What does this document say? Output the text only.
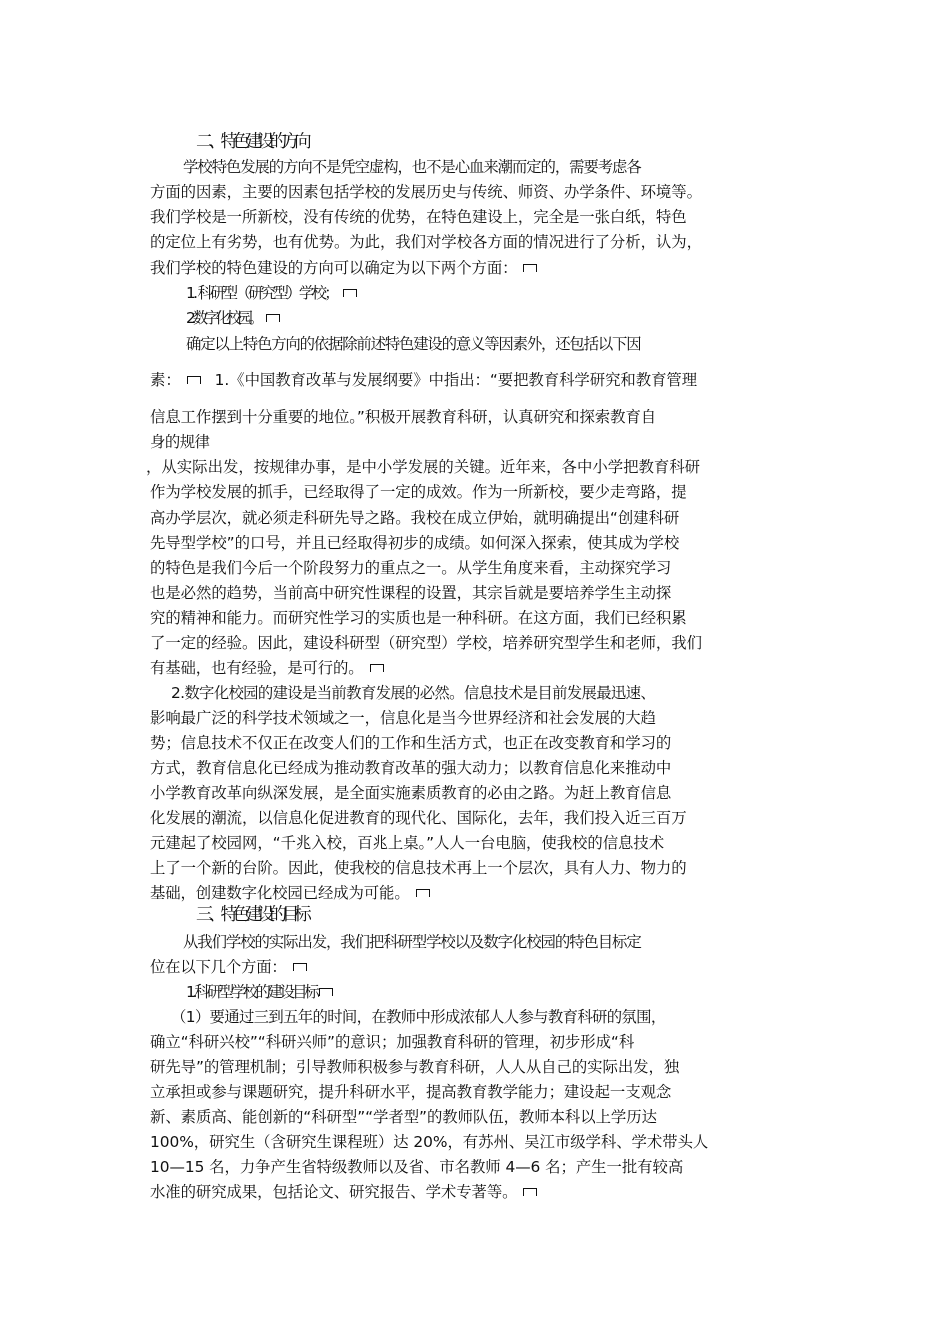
二、特色建设的方向
学校特色发展的方向不是凭空虚构，也不是心血来潮而定的，需要考虑各
方面的因素，主要的因素包括学校的发展历史与传统、师资、办学条件、环境等。
我们学校是一所新校，没有传统的优势，在特色建设上，完全是一张白纸，特色
的定位上有劣势，也有优势。为此，我们对学校各方面的情况进行了分析，认为，
我们学校的特色建设的方向可以确定为以下两个方面：
1. 科研型（研究型）学校；
2. 数字化校园。
确定以上特色方向的依据除前述特色建设的意义等因素外，还包括以下因
素： 1.《中国教育改革与发展纲要》中指出：“要把教育科学研究和教育管理
信息工作摆到十分重要的地位。”积极开展教育科研，认真研究和探索教育自
身的规律
，从实际出发，按规律办事，是中小学发展的关键。近年来，各中小学把教育科研
作为学校发展的抓手，已经取得了一定的成效。作为一所新校，要少走弯路，提
高办学层次，就必须走科研先导之路。我校在成立伊始，就明确提出“创建科研
先导型学校”的口号，并且已经取得初步的成绩。如何深入探索，使其成为学校
的特色是我们今后一个阶段努力的重点之一。从学生角度来看，主动探究学习
也是必然的趋势，当前高中研究性课程的设置，其宗旨就是要培养学生主动探
究的精神和能力。而研究性学习的实质也是一种科研。在这方面，我们已经积累
了一定的经验。因此，建设科研型（研究型）学校，培养研究型学生和老师，我们
有基础，也有经验，是可行的。
2.数字化校园的建设是当前教育发展的必然。信息技术是目前发展最迅速、
影响最广泛的科学技术领域之一，信息化是当今世界经济和社会发展的大趋
势；信息技术不仅正在改变人们的工作和生活方式，也正在改变教育和学习的
方式，教育信息化已经成为推动教育改革的强大动力；以教育信息化来推动中
小学教育改革向纵深发展，是全面实施素质教育的必由之路。为赶上教育信息
化发展的潮流，以信息化促进教育的现代化、国际化，去年，我们投入近三百万
元建起了校园网，“千兆入校，百兆上桌。”人人一台电脑，使我校的信息技术
上了一个新的台阶。因此，使我校的信息技术再上一个层次，具有人力、物力的
基础，创建数字化校园已经成为可能。
三、特色建设的目标
从我们学校的实际出发，我们把科研型学校以及数字化校园的特色目标定
位在以下几个方面：
1.科研型学校的建设目标
（1）要通过三到五年的时间，在教师中形成浓郁人人参与教育科研的氛围，
确立“科研兴校”“科研兴师”的意识；加强教育科研的管理，初步形成“科
研先导”的管理机制；引导教师积极参与教育科研，人人从自己的实际出发，独
立承担或参与课题研究，提升科研水平，提高教育教学能力；建设起一支观念
新、素质高、能创新的“科研型”“学者型”的教师队伍，教师本科以上学历达
100%，研究生（含研究生课程班）达 20%，有苏州、吴江市级学科、学术带头人
10—15 名，力争产生省特级教师以及省、市名教师 4—6 名；产生一批有较高
水准的研究成果，包括论文、研究报告、学术专著等。
